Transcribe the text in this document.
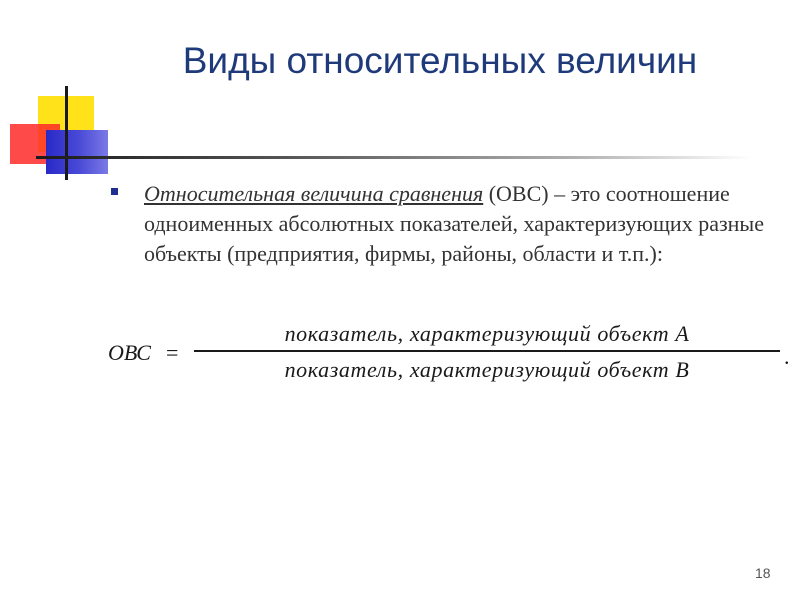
Виды относительных величин

Относительная величина сравнения (ОВС) – это соотношение одноименных абсолютных показателей, характеризующих разные объекты (предприятия, фирмы, районы, области и т.п.):

ОВС =
показатель, характеризующий объект А
показатель, характеризующий объект В	.
18
